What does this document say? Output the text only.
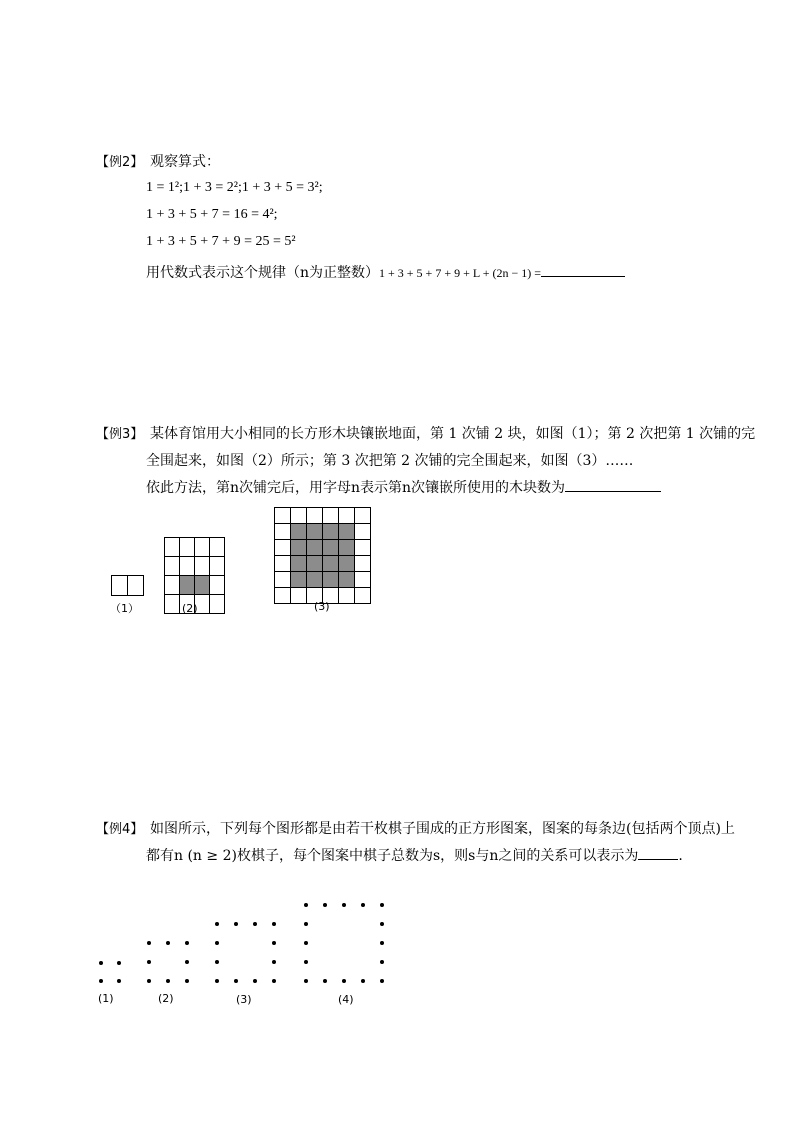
【例2】 观察算式：
1 = 1²;1 + 3 = 2²;1 + 3 + 5 = 3²;
1 + 3 + 5 + 7 = 16 = 4²;
1 + 3 + 5 + 7 + 9 = 25 = 5²
用代数式表示这个规律（n为正整数）1 + 3 + 5 + 7 + 9 + L + (2n − 1) =
【例3】 某体育馆用大小相同的长方形木块镶嵌地面，第 1 次铺 2 块，如图（1）；第 2 次把第 1 次铺的完
全围起来，如图（2）所示；第 3 次把第 2 次铺的完全围起来，如图（3）……
依此方法，第n次铺完后，用字母n表示第n次镶嵌所使用的木块数为
（1）	(2)	(3)
【例4】 如图所示，下列每个图形都是由若干枚棋子围成的正方形图案，图案的每条边(包括两个顶点)上
都有n (n ≥ 2)枚棋子，每个图案中棋子总数为s，则s与n之间的关系可以表示为	.
(1)	(2)	(3)	(4)
